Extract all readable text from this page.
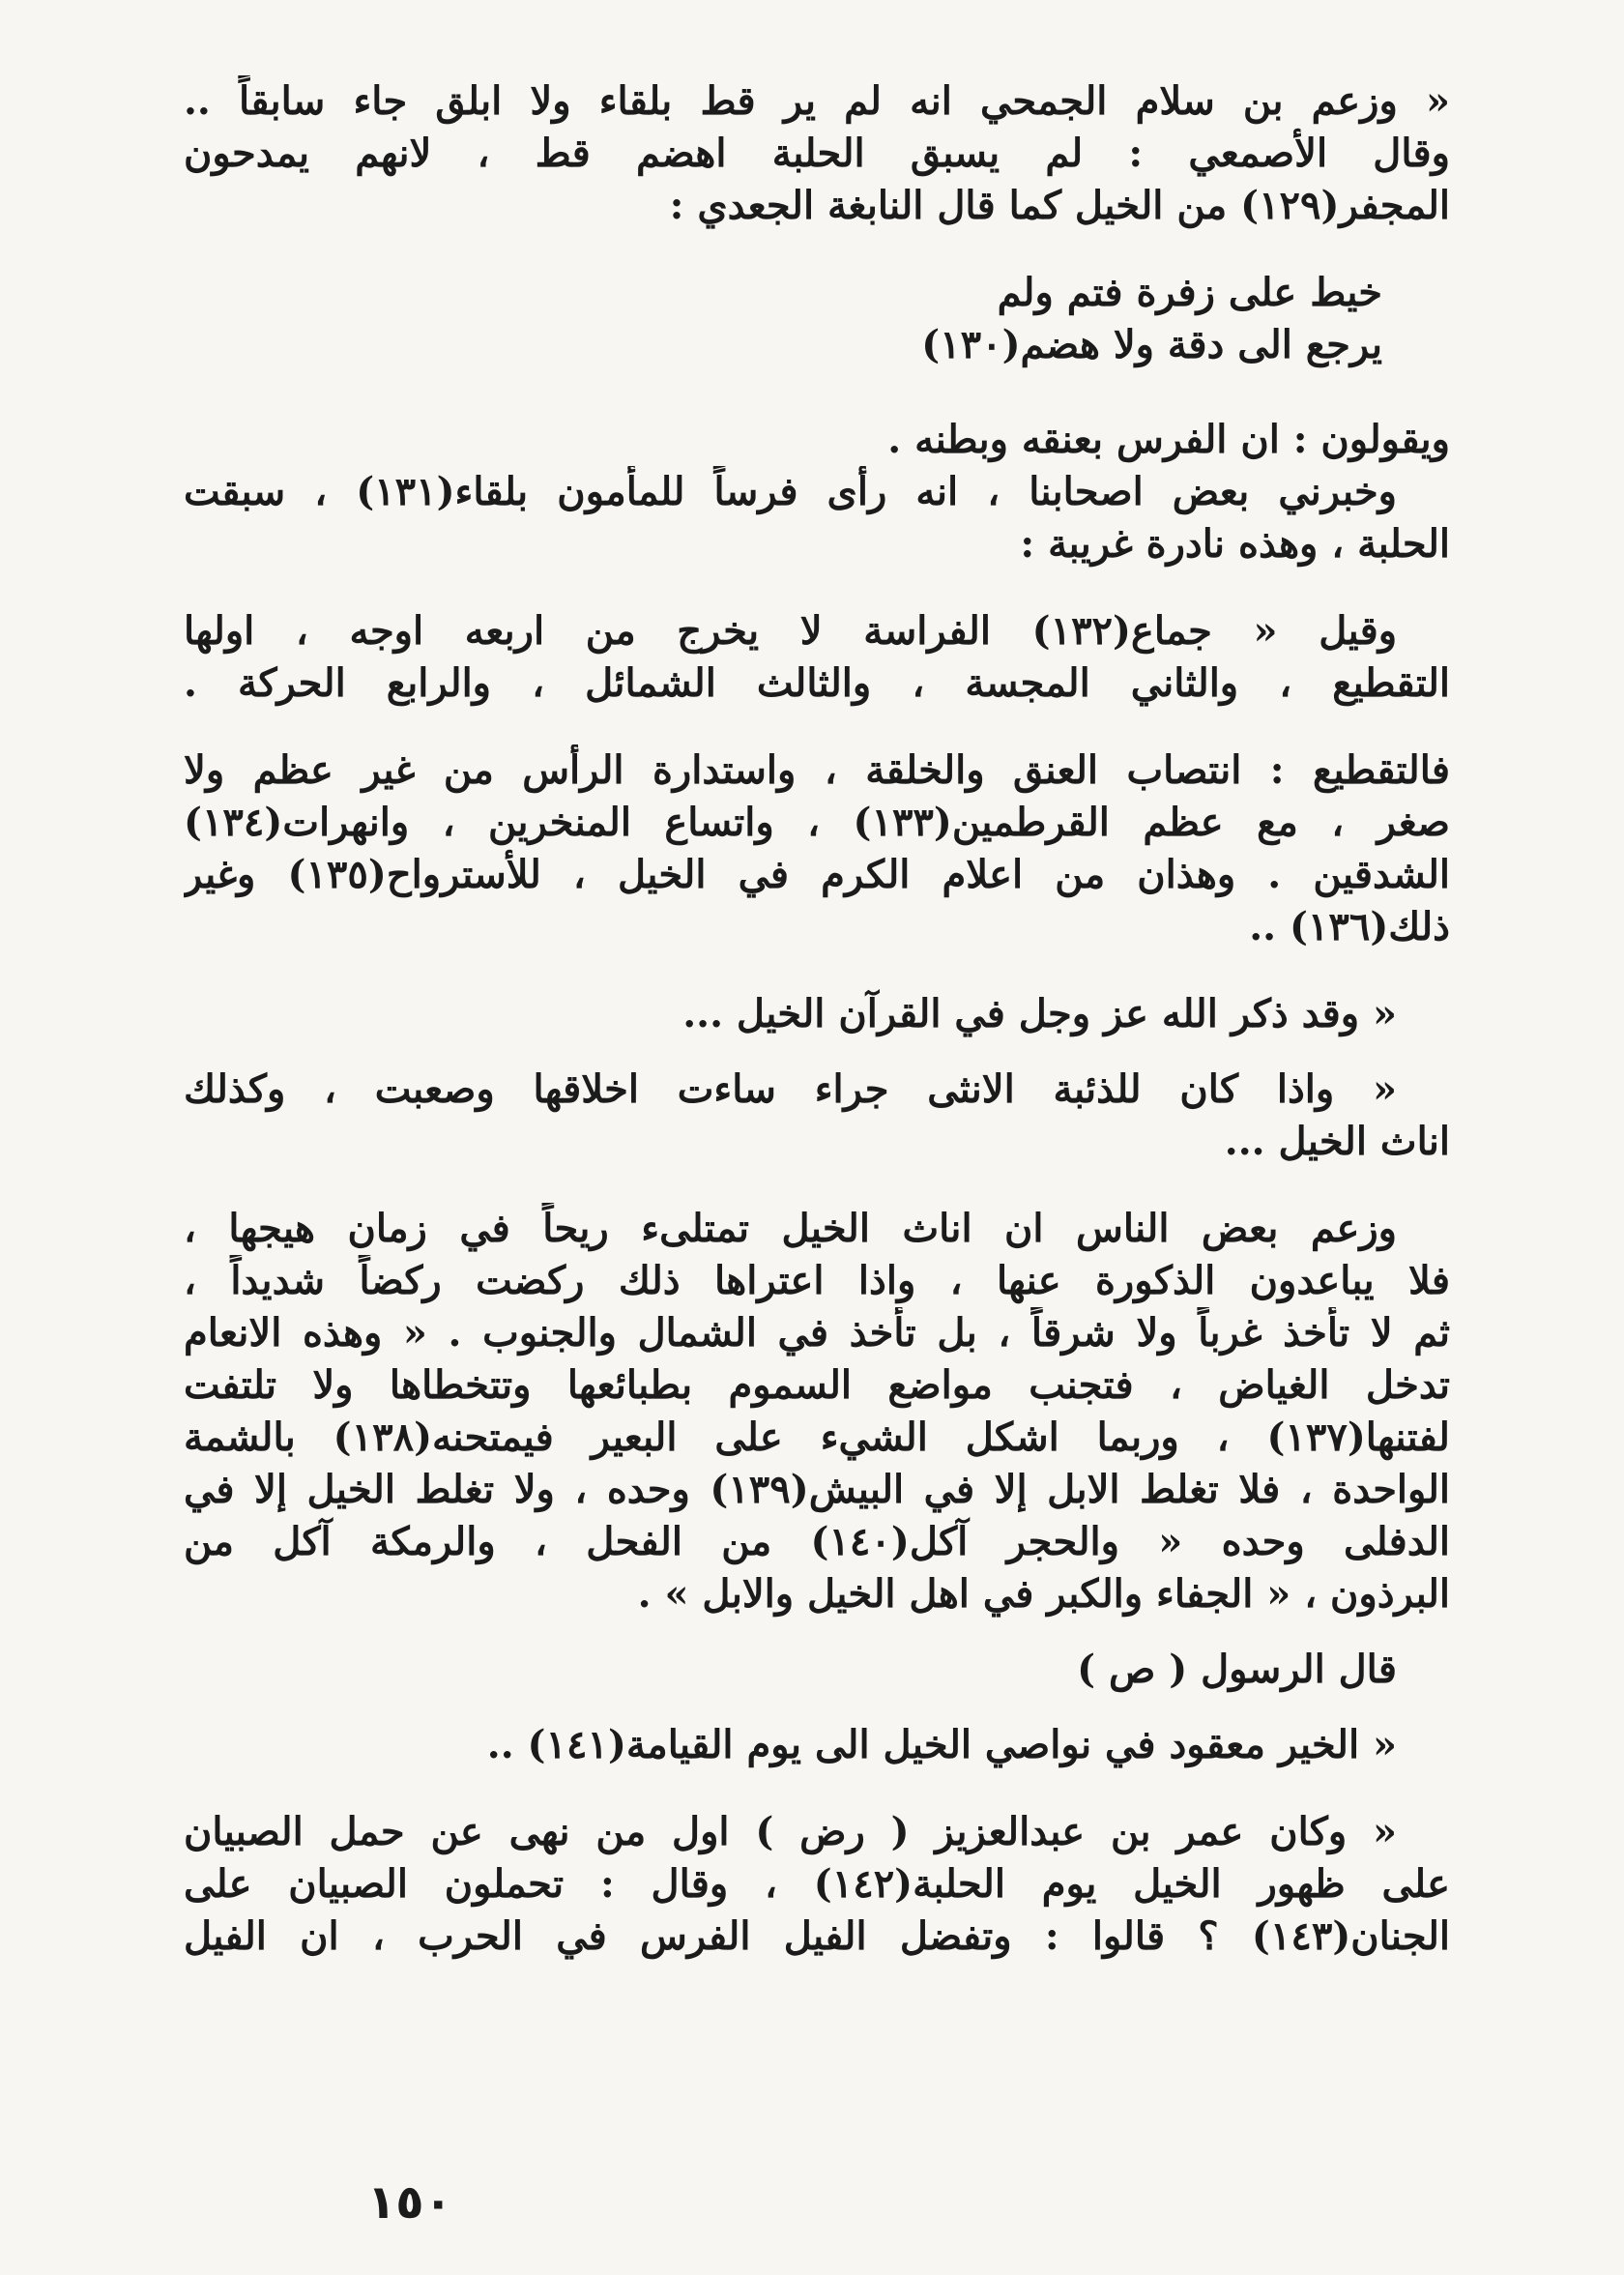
« وزعم بن سلام الجمحي انه لم ير قط بلقاء ولا ابلق جاء سابقاً ..
وقال الأصمعي : لم يسبق الحلبة اهضم قط ، لانهم يمدحون
المجفر(١٢٩) من الخيل كما قال النابغة الجعدي :
خيط على زفرة فتم ولم
يرجع الى دقة ولا هضم(١٣٠)
ويقولون : ان الفرس بعنقه وبطنه .
وخبرني بعض اصحابنا ، انه رأى فرساً للمأمون بلقاء(١٣١) ، سبقت
الحلبة ، وهذه نادرة غريبة :
وقيل « جماع(١٣٢) الفراسة لا يخرج من اربعه اوجه ، اولها
التقطيع ، والثاني المجسة ، والثالث الشمائل ، والرابع الحركة .
فالتقطيع : انتصاب العنق والخلقة ، واستدارة الرأس من غير عظم ولا
صغر ، مع عظم القرطمين(١٣٣) ، واتساع المنخرين ، وانهرات(١٣٤)
الشدقين . وهذان من اعلام الكرم في الخيل ، للأسترواح(١٣٥) وغير
ذلك(١٣٦) ..
« وقد ذكر الله عز وجل في القرآن الخيل ...
« واذا كان للذئبة الانثى جراء ساءت اخلاقها وصعبت ، وكذلك
اناث الخيل ...
وزعم بعض الناس ان اناث الخيل تمتلىء ريحاً في زمان هيجها ،
فلا يباعدون الذكورة عنها ، واذا اعتراها ذلك ركضت ركضاً شديداً ،
ثم لا تأخذ غرباً ولا شرقاً ، بل تأخذ في الشمال والجنوب . « وهذه الانعام
تدخل الغياض ، فتجنب مواضع السموم بطبائعها وتتخطاها ولا تلتفت
لفتنها(١٣٧) ، وربما اشكل الشيء على البعير فيمتحنه(١٣٨) بالشمة
الواحدة ، فلا تغلط الابل إلا في البيش(١٣٩) وحده ، ولا تغلط الخيل إلا في
الدفلى وحده « والحجر آكل(١٤٠) من الفحل ، والرمكة آكل من
البرذون ، « الجفاء والكبر في اهل الخيل والابل » .
قال الرسول ( ص )
« الخير معقود في نواصي الخيل الى يوم القيامة(١٤١) ..
« وكان عمر بن عبدالعزيز ( رض ) اول من نهى عن حمل الصبيان
على ظهور الخيل يوم الحلبة(١٤٢) ، وقال : تحملون الصبيان على
الجنان(١٤٣) ؟ قالوا : وتفضل الفيل الفرس في الحرب ، ان الفيل
١٥٠
